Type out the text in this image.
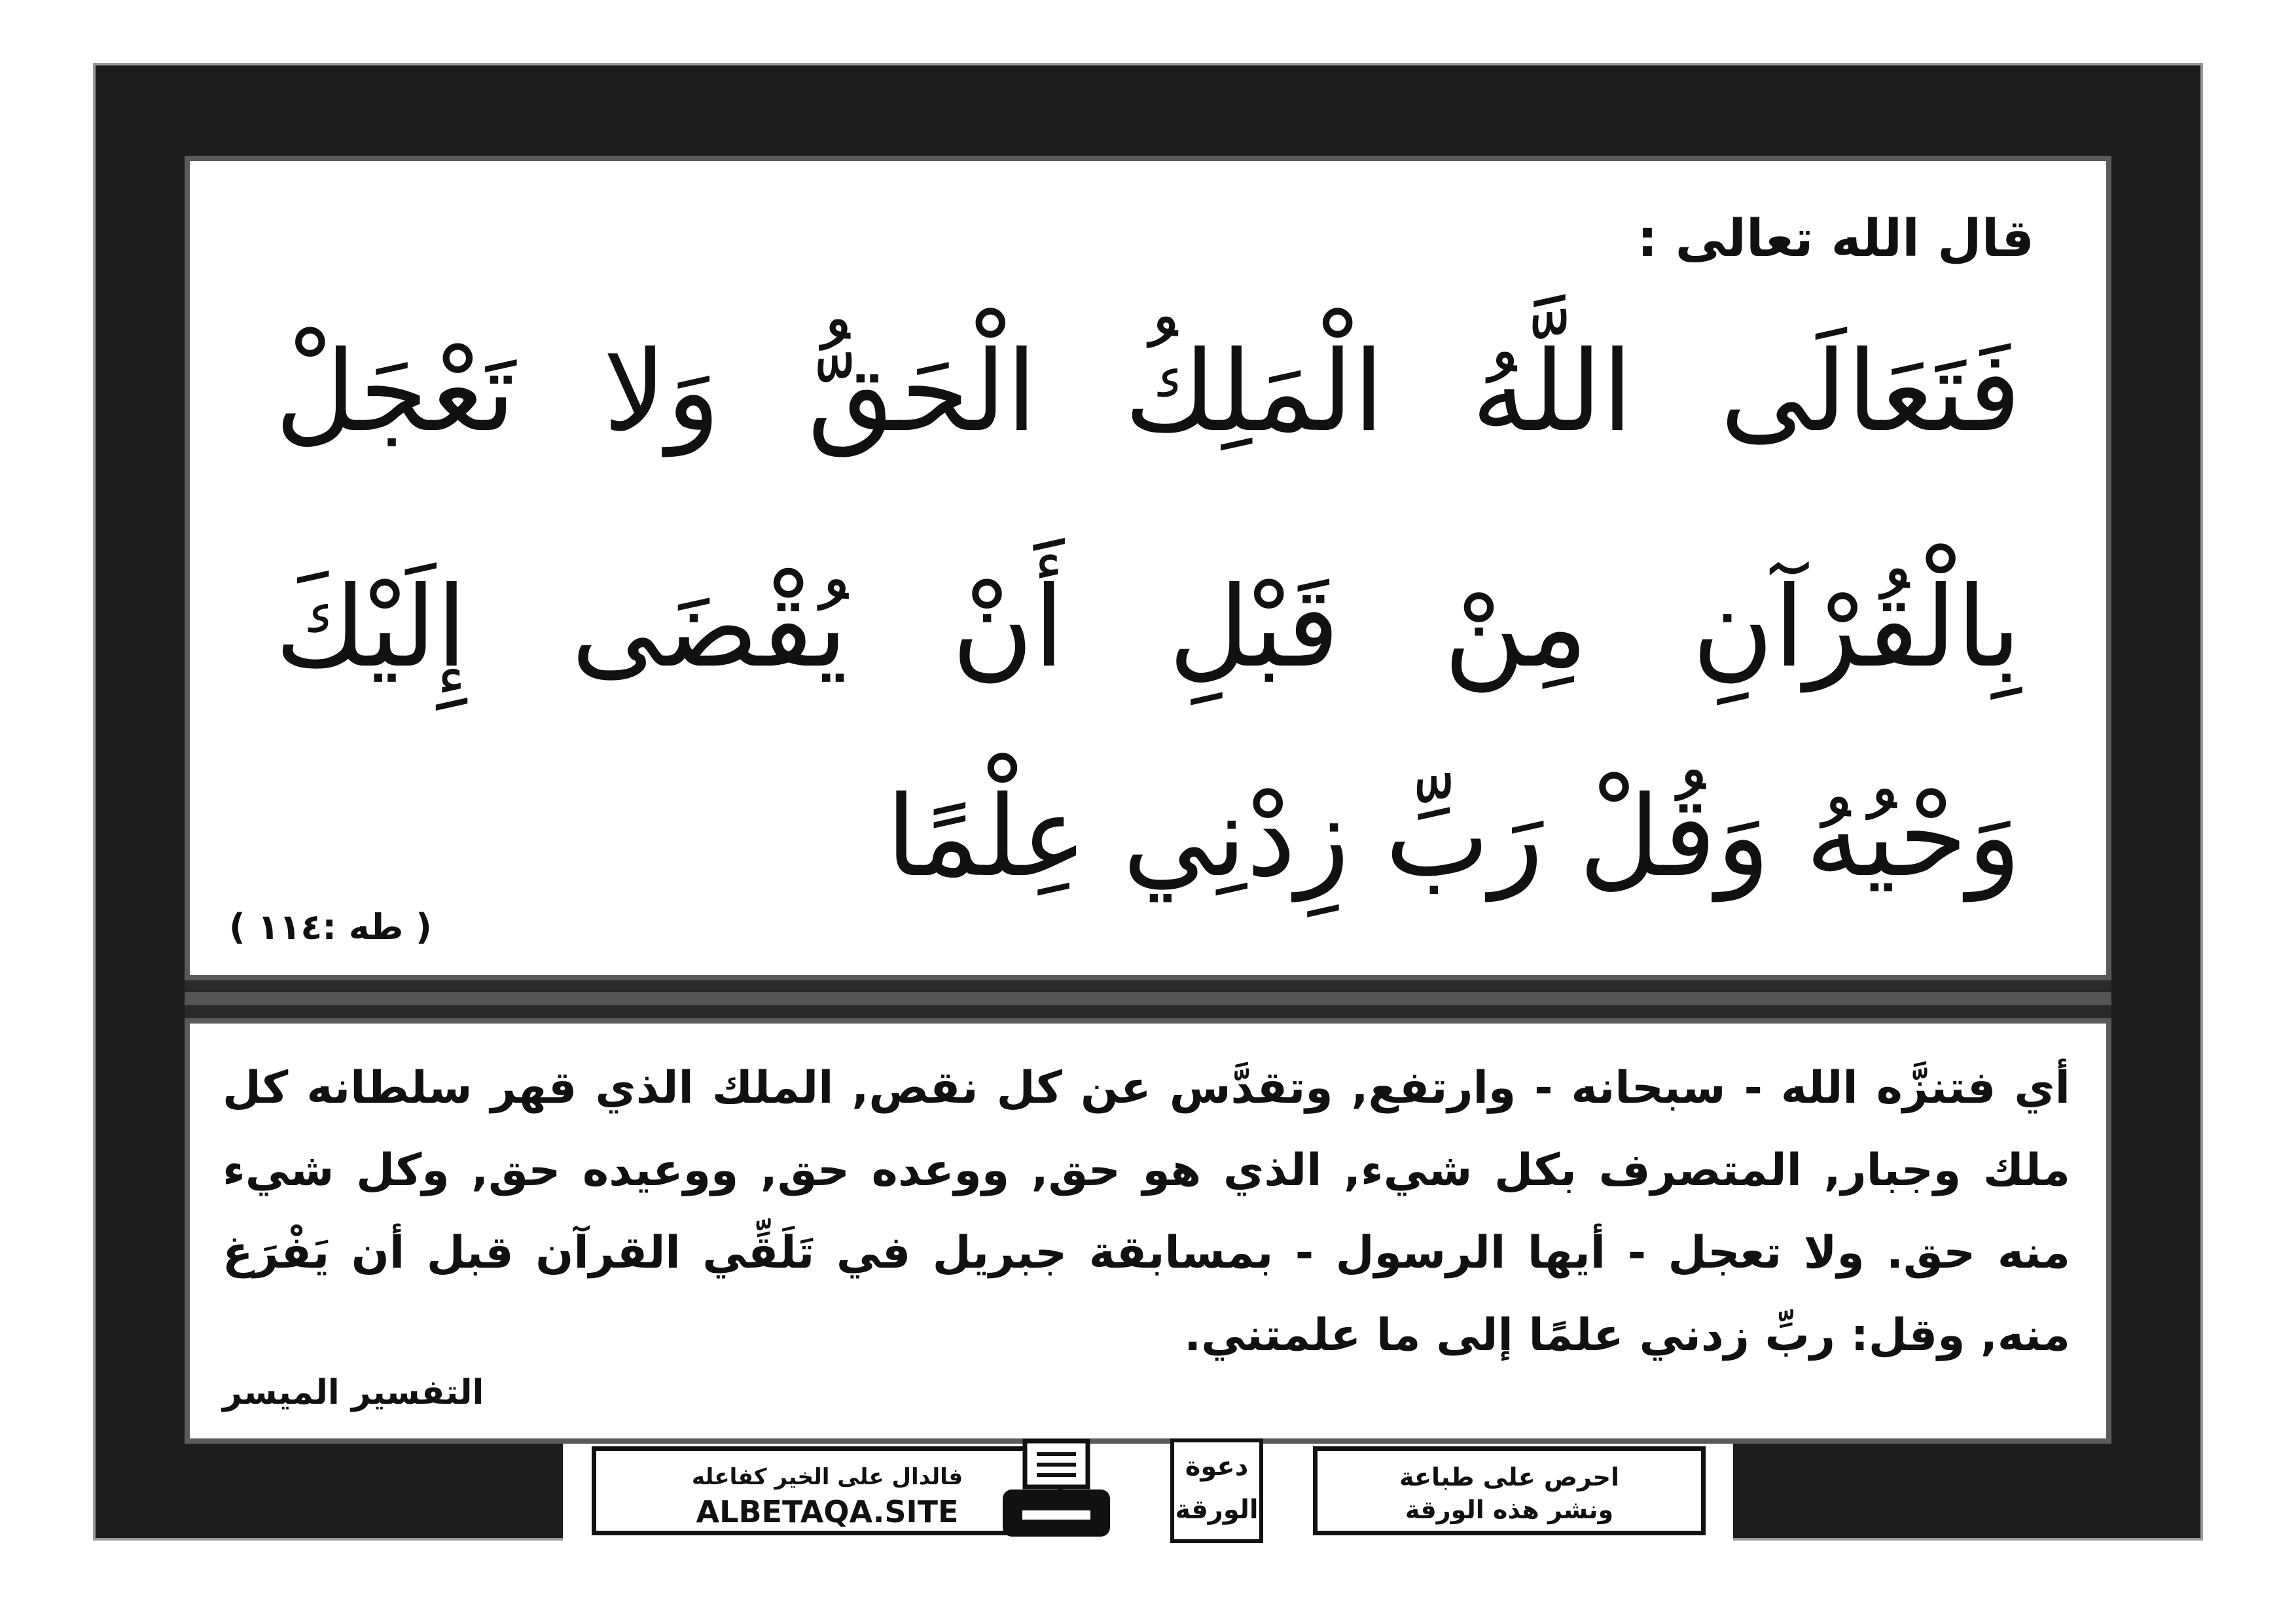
قال الله تعالى :
فَتَعَالَى اللَّهُ الْمَلِكُ الْحَقُّ وَلا تَعْجَلْ
بِالْقُرْآنِ مِنْ قَبْلِ أَنْ يُقْضَى إِلَيْكَ
وَحْيُهُ وَقُلْ رَبِّ زِدْنِي عِلْمًا
( طه :١١٤ )
أي فتنزَّه الله - سبحانه - وارتفع, وتقدَّس عن كل نقص, الملك الذي قهر سلطانه كل ملك وجبار, المتصرف بكل شيء, الذي هو حق, ووعده حق, ووعيده حق, وكل شيء منه حق. ولا تعجل - أيها الرسول - بمسابقة جبريل في تَلَقِّي القرآن قبل أن يَفْرَغ منه, وقل: ربِّ زدني علمًا إلى ما علمتني.
التفسير الميسر
فالدال على الخير كفاعله
ALBETAQA.SITE
دعوة
الورقة
احرص على طباعة
ونشر هذه الورقة
